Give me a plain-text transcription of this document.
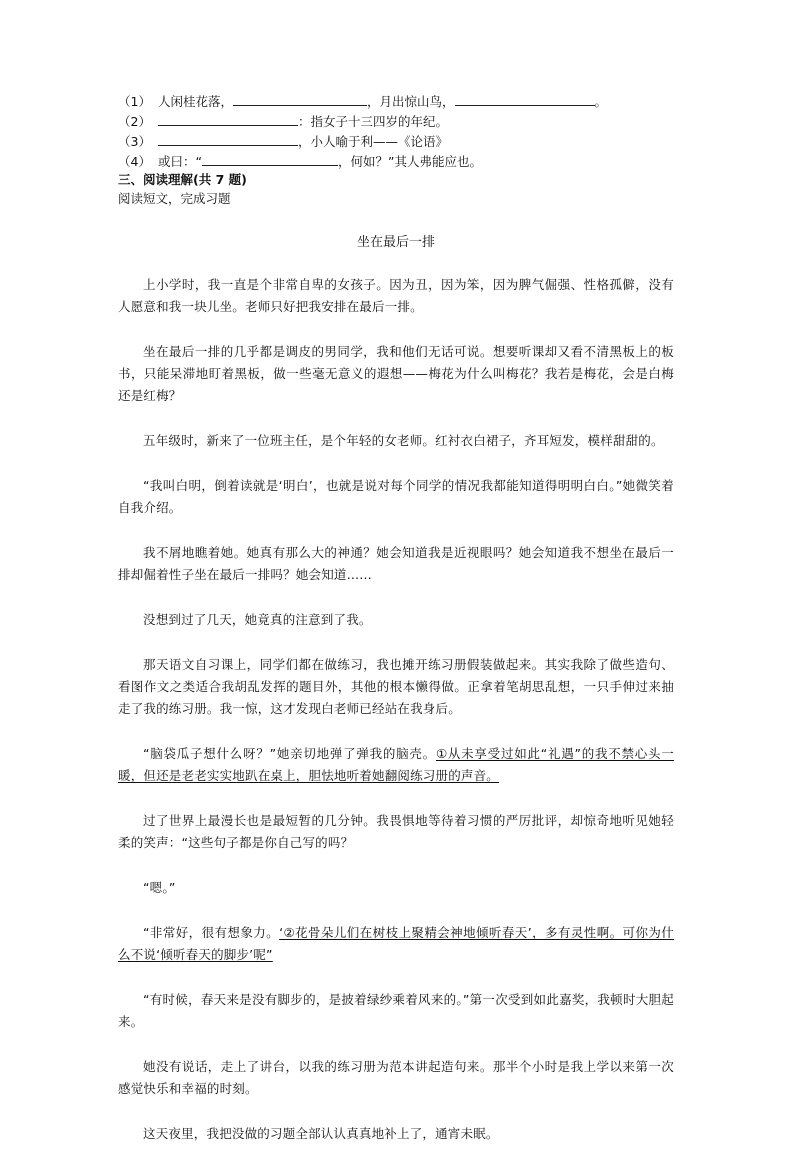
（1） 人闲桂花落，	，月出惊山鸟，	。
（2）	：指女子十三四岁的年纪。
（3）	，小人喻于利——《论语》
（4） 或曰：“	，何如？”其人弗能应也。
三、阅读理解(共 7 题)
阅读短文，完成习题
坐在最后一排

上小学时，我一直是个非常自卑的女孩子。因为丑，因为笨，因为脾气倔强、性格孤僻，没有人愿意和我一块儿坐。老师只好把我安排在最后一排。

坐在最后一排的几乎都是调皮的男同学，我和他们无话可说。想要听课却又看不清黑板上的板书，只能呆滞地盯着黑板，做一些毫无意义的遐想——梅花为什么叫梅花？我若是梅花，会是白梅还是红梅？

五年级时，新来了一位班主任，是个年轻的女老师。红衬衣白裙子，齐耳短发，模样甜甜的。

“我叫白明，倒着读就是‘明白’，也就是说对每个同学的情况我都能知道得明明白白。”她微笑着自我介绍。

我不屑地瞧着她。她真有那么大的神通？她会知道我是近视眼吗？她会知道我不想坐在最后一排却倔着性子坐在最后一排吗？她会知道……

没想到过了几天，她竟真的注意到了我。

那天语文自习课上，同学们都在做练习，我也摊开练习册假装做起来。其实我除了做些造句、看图作文之类适合我胡乱发挥的题目外，其他的根本懒得做。正拿着笔胡思乱想，一只手伸过来抽走了我的练习册。我一惊，这才发现白老师已经站在我身后。

“脑袋瓜子想什么呀？”她亲切地弹了弹我的脑壳。①从未享受过如此“礼遇”的我不禁心头一暖，但还是老老实实地趴在桌上，胆怯地听着她翻阅练习册的声音。

过了世界上最漫长也是最短暂的几分钟。我畏惧地等待着习惯的严厉批评，却惊奇地听见她轻柔的笑声：“这些句子都是你自己写的吗？

“嗯。”

“非常好，很有想象力。‘②花骨朵儿们在树枝上聚精会神地倾听春天’，多有灵性啊。可你为什么不说‘倾听春天的脚步’呢”

“有时候，春天来是没有脚步的，是披着绿纱乘着风来的。”第一次受到如此嘉奖，我顿时大胆起来。

她没有说话，走上了讲台，以我的练习册为范本讲起造句来。那半个小时是我上学以来第一次感觉快乐和幸福的时刻。

这天夜里，我把没做的习题全部认认真真地补上了，通宵未眠。
